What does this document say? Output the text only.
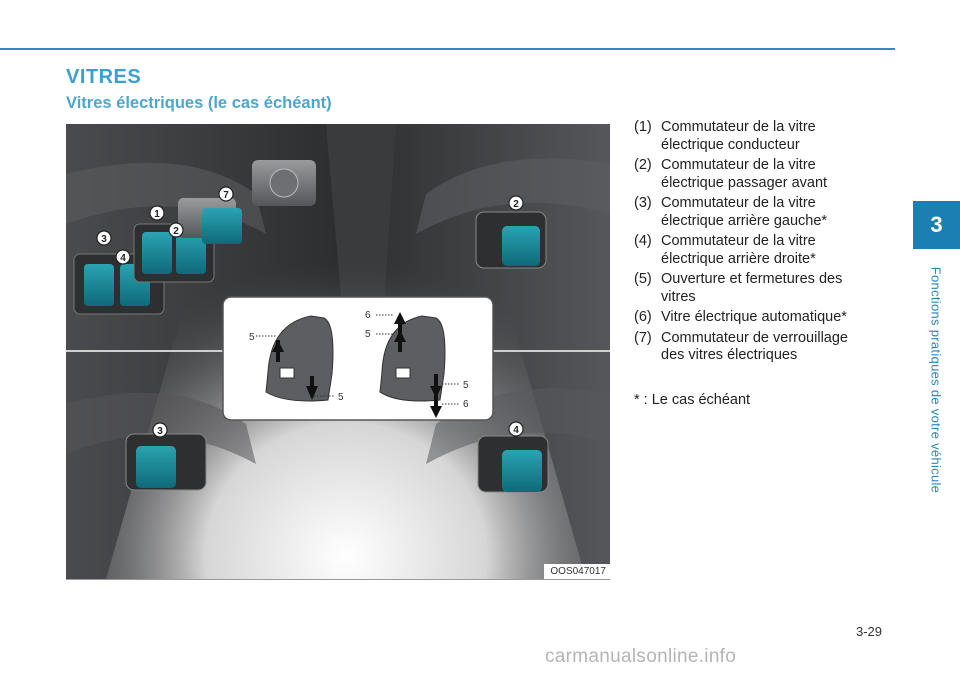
VITRES
Vitres électriques (le cas échéant)
1
2
3
4
7
2
3	4
5
5
6
5
5
6
OOS047017
(1) Commutateur de la vitre
électrique conducteur
(2) Commutateur de la vitre
électrique passager avant
(3) Commutateur de la vitre
électrique arrière gauche*
(4) Commutateur de la vitre
électrique arrière droite*
(5) Ouverture et fermetures des
vitres
(6) Vitre électrique automatique*
(7) Commutateur de verrouillage
des vitres électriques
* : Le cas échéant
3
Fonctions pratiques de votre véhicule
3-29
carmanualsonline.info
